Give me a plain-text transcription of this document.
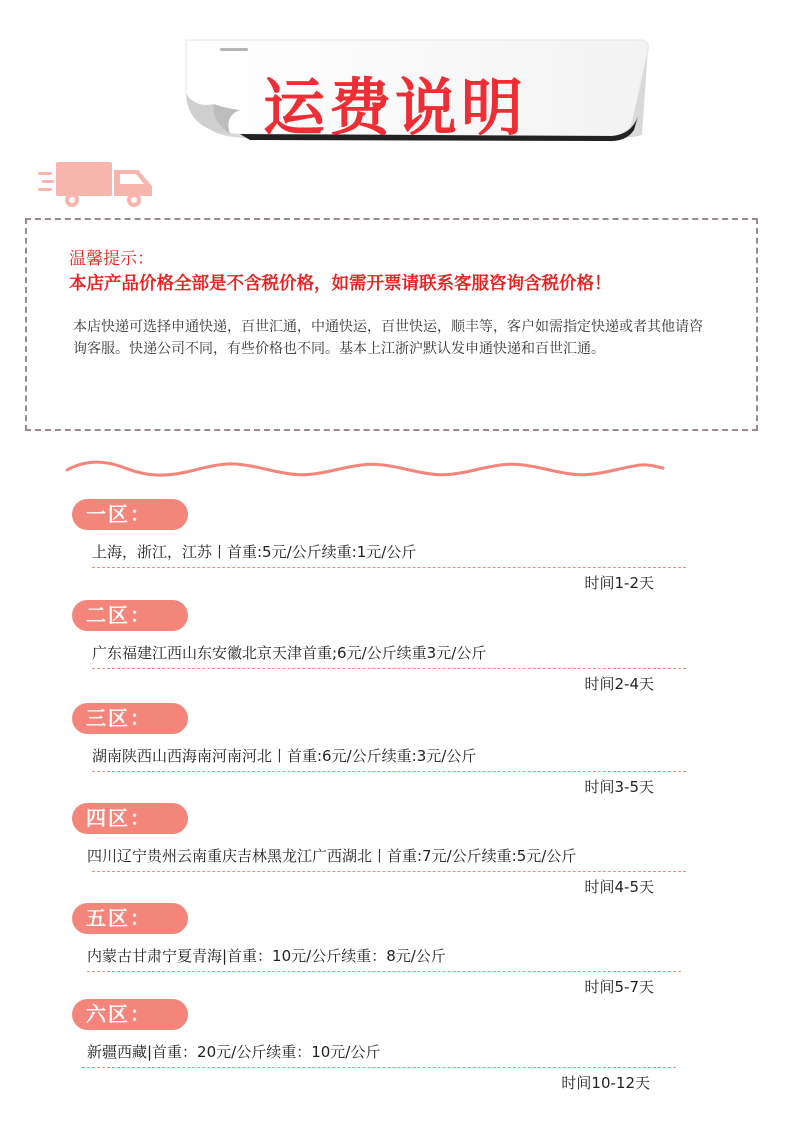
运费说明
温馨提示：
本店产品价格全部是不含税价格，如需开票请联系客服咨询含税价格！
本店快递可选择申通快递，百世汇通，中通快运，百世快运，顺丰等，客户如需指定快递或者其他请咨询客服。快递公司不同，有些价格也不同。基本上江浙沪默认发申通快递和百世汇通。
一区：
上海，浙江，江苏丨首重:5元/公斤续重:1元/公斤
时间1-2天
二区：
广东福建江西山东安徽北京天津首重;6元/公斤续重3元/公斤
时间2-4天
三区：
湖南陕西山西海南河南河北丨首重:6元/公斤续重:3元/公斤
时间3-5天
四区：
四川辽宁贵州云南重庆吉林黑龙江广西湖北丨首重:7元/公斤续重:5元/公斤
时间4-5天
五区：
内蒙古甘肃宁夏青海|首重：10元/公斤续重：8元/公斤
时间5-7天
六区：
新疆西藏|首重：20元/公斤续重：10元/公斤
时间10-12天
